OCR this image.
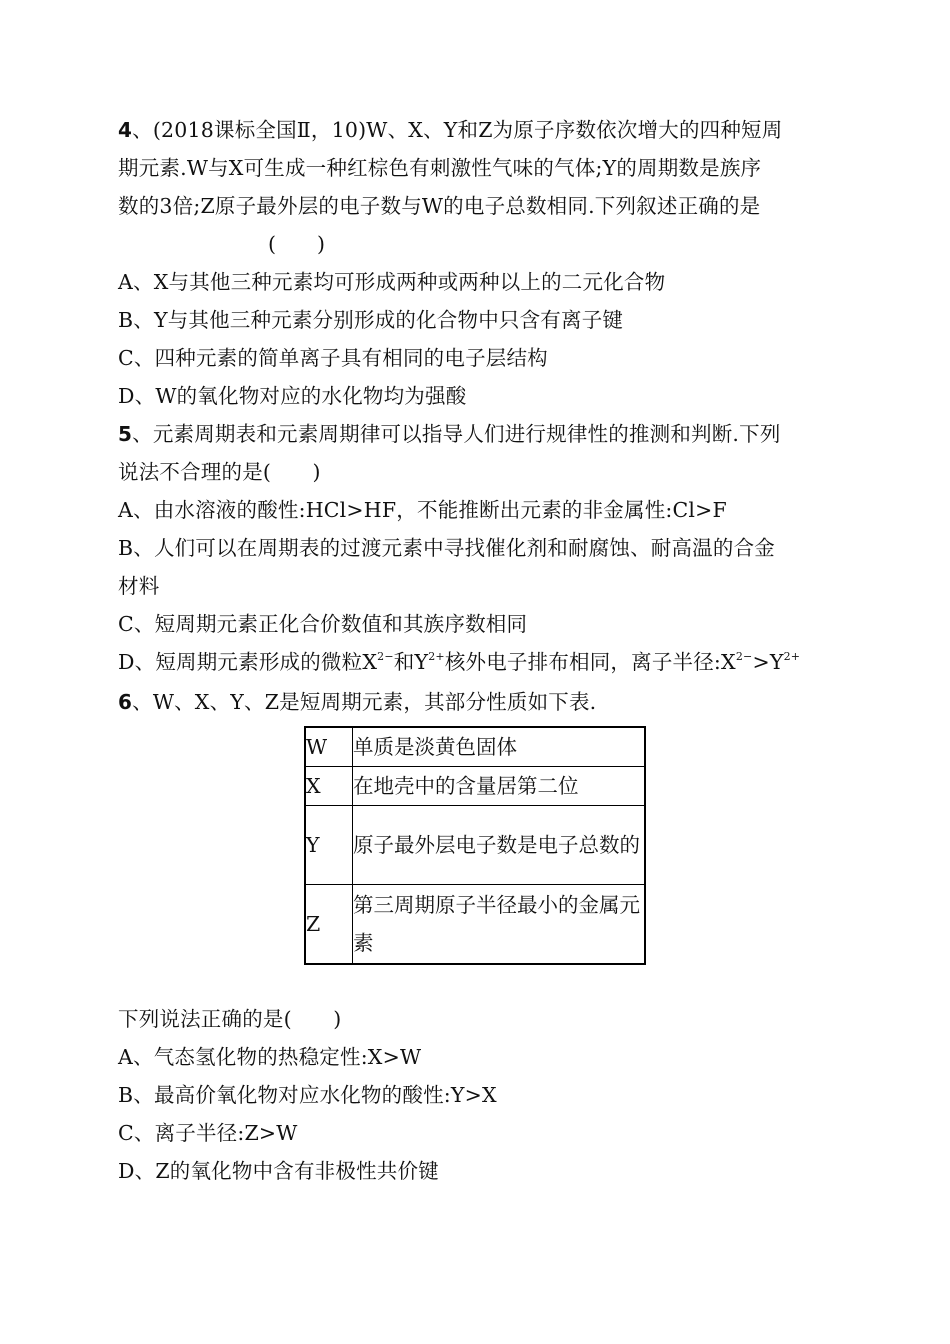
4、(2018课标全国Ⅱ，10)W、X、Y和Z为原子序数依次增大的四种短周
期元素.W与X可生成一种红棕色有刺激性气味的气体;Y的周期数是族序
数的3倍;Z原子最外层的电子数与W的电子总数相同.下列叙述正确的是
(　　)
A、X与其他三种元素均可形成两种或两种以上的二元化合物
B、Y与其他三种元素分别形成的化合物中只含有离子键
C、四种元素的简单离子具有相同的电子层结构
D、W的氧化物对应的水化物均为强酸
5、元素周期表和元素周期律可以指导人们进行规律性的推测和判断.下列
说法不合理的是(　　)
A、由水溶液的酸性:HCl>HF，不能推断出元素的非金属性:Cl>F
B、人们可以在周期表的过渡元素中寻找催化剂和耐腐蚀、耐高温的合金
材料
C、短周期元素正化合价数值和其族序数相同
D、短周期元素形成的微粒$X^{2-}$和$Y^{2+}$核外电子排布相同，离子半径$:X^{2-}>Y^{2+}$
6、W、X、Y、Z是短周期元素，其部分性质如下表.
W	单质是淡黄色固体
X	在地壳中的含量居第二位
Y	原子最外层电子数是电子总数的
Z	第三周期原子半径最小的金属元素
下列说法正确的是(　　)
A、气态氢化物的热稳定性:X>W
B、最高价氧化物对应水化物的酸性:Y>X
C、离子半径:Z>W
D、Z的氧化物中含有非极性共价键
